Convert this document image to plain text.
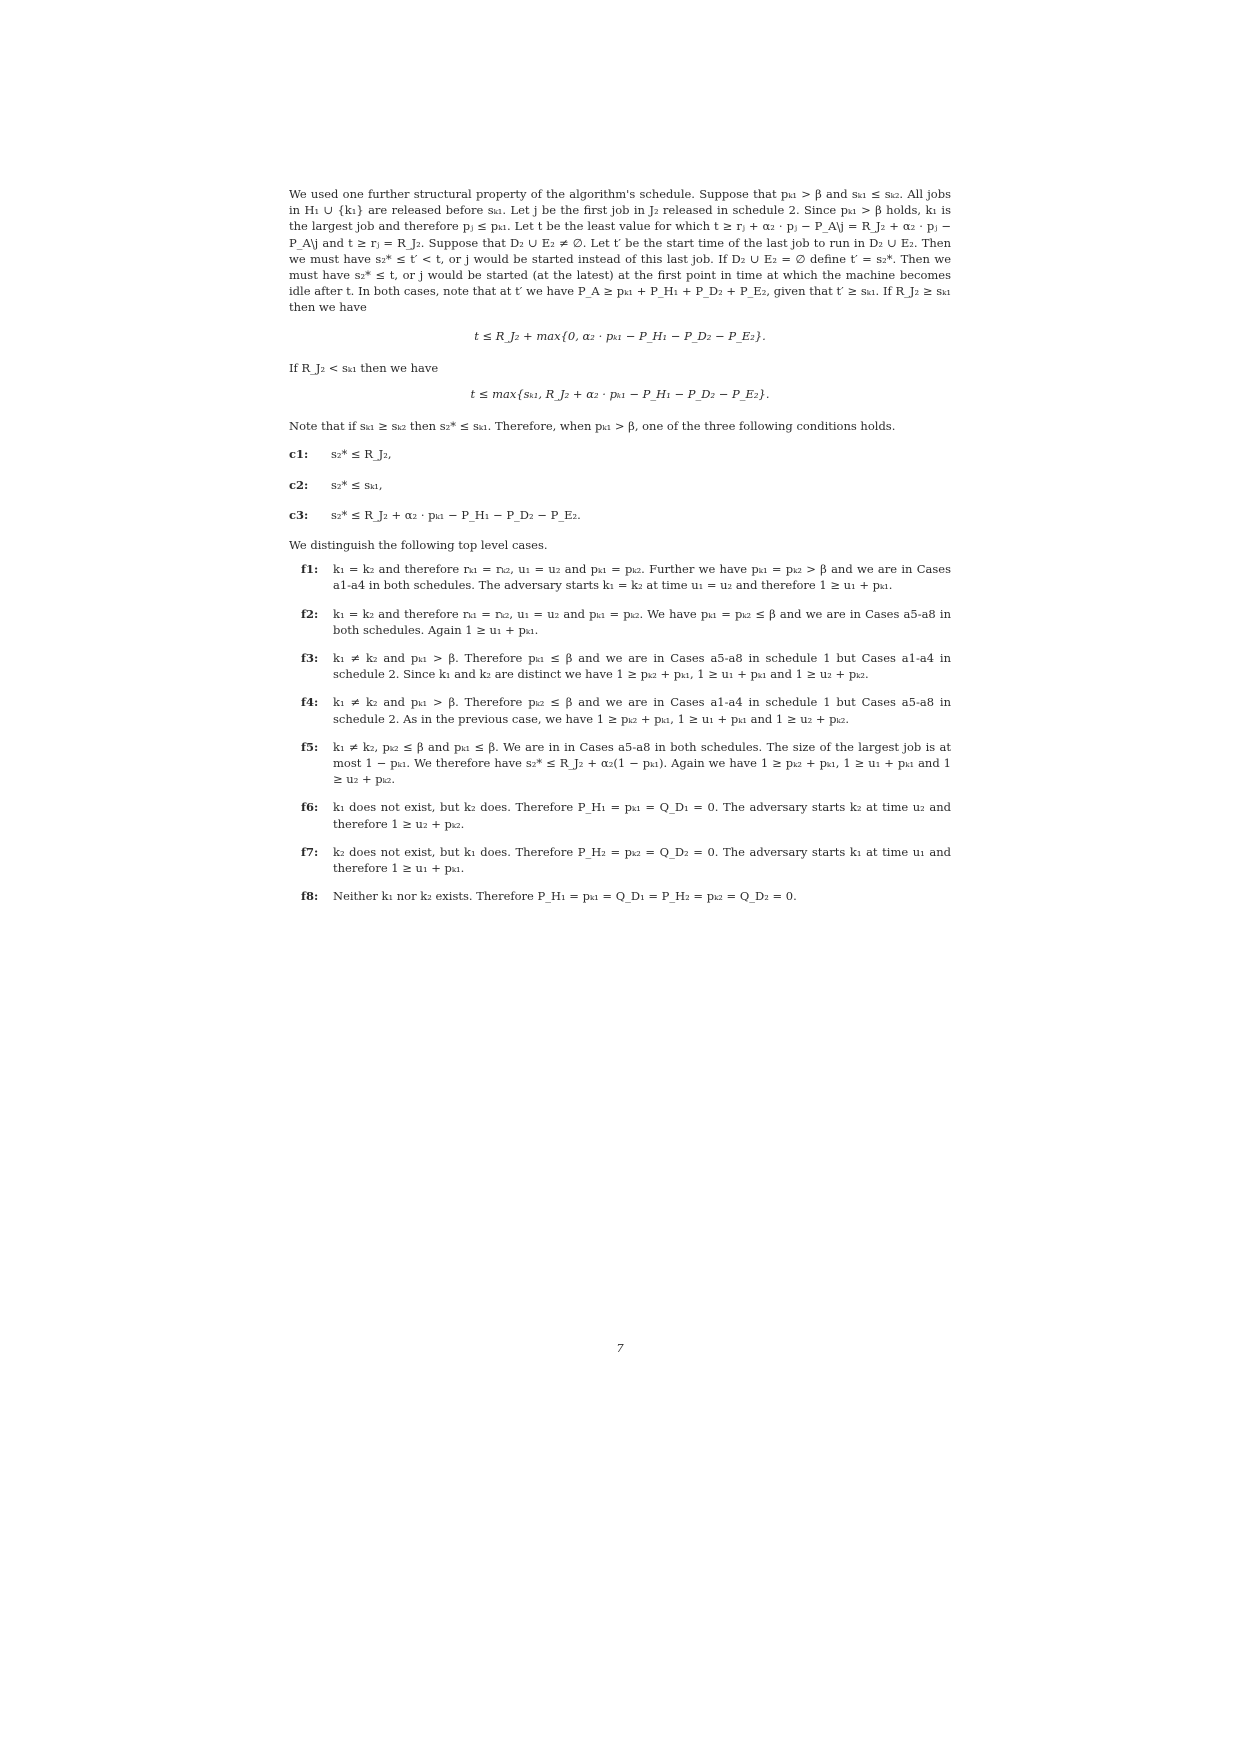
We used one further structural property of the algorithm's schedule. Suppose that pₖ₁ > β and sₖ₁ ≤ sₖ₂. All jobs in H₁ ∪ {k₁} are released before sₖ₁. Let j be the first job in J₂ released in schedule 2. Since pₖ₁ > β holds, k₁ is the largest job and therefore pⱼ ≤ pₖ₁. Let t be the least value for which t ≥ rⱼ + α₂ · pⱼ − P_A\j = R_J₂ + α₂ · pⱼ − P_A\j and t ≥ rⱼ = R_J₂. Suppose that D₂ ∪ E₂ ≠ ∅. Let t′ be the start time of the last job to run in D₂ ∪ E₂. Then we must have s₂* ≤ t′ < t, or j would be started instead of this last job. If D₂ ∪ E₂ = ∅ define t′ = s₂*. Then we must have s₂* ≤ t, or j would be started (at the latest) at the first point in time at which the machine becomes idle after t. In both cases, note that at t′ we have P_A ≥ pₖ₁ + P_H₁ + P_D₂ + P_E₂, given that t′ ≥ sₖ₁. If R_J₂ ≥ sₖ₁ then we have

t ≤ R_J₂ + max{0, α₂ · pₖ₁ − P_H₁ − P_D₂ − P_E₂}.

If R_J₂ < sₖ₁ then we have

t ≤ max{sₖ₁, R_J₂ + α₂ · pₖ₁ − P_H₁ − P_D₂ − P_E₂}.

Note that if sₖ₁ ≥ sₖ₂ then s₂* ≤ sₖ₁. Therefore, when pₖ₁ > β, one of the three following conditions holds.

c1:	s₂* ≤ R_J₂,
c2:	s₂* ≤ sₖ₁,
c3:	s₂* ≤ R_J₂ + α₂ · pₖ₁ − P_H₁ − P_D₂ − P_E₂.

We distinguish the following top level cases.

f1:	k₁ = k₂ and therefore rₖ₁ = rₖ₂, u₁ = u₂ and pₖ₁ = pₖ₂. Further we have pₖ₁ = pₖ₂ > β and we are in Cases a1-a4 in both schedules. The adversary starts k₁ = k₂ at time u₁ = u₂ and therefore 1 ≥ u₁ + pₖ₁.
f2:	k₁ = k₂ and therefore rₖ₁ = rₖ₂, u₁ = u₂ and pₖ₁ = pₖ₂. We have pₖ₁ = pₖ₂ ≤ β and we are in Cases a5-a8 in both schedules. Again 1 ≥ u₁ + pₖ₁.
f3:	k₁ ≠ k₂ and pₖ₁ > β. Therefore pₖ₁ ≤ β and we are in Cases a5-a8 in schedule 1 but Cases a1-a4 in schedule 2. Since k₁ and k₂ are distinct we have 1 ≥ pₖ₂ + pₖ₁, 1 ≥ u₁ + pₖ₁ and 1 ≥ u₂ + pₖ₂.
f4:	k₁ ≠ k₂ and pₖ₁ > β. Therefore pₖ₂ ≤ β and we are in Cases a1-a4 in schedule 1 but Cases a5-a8 in schedule 2. As in the previous case, we have 1 ≥ pₖ₂ + pₖ₁, 1 ≥ u₁ + pₖ₁ and 1 ≥ u₂ + pₖ₂.
f5:	k₁ ≠ k₂, pₖ₂ ≤ β and pₖ₁ ≤ β. We are in in Cases a5-a8 in both schedules. The size of the largest job is at most 1 − pₖ₁. We therefore have s₂* ≤ R_J₂ + α₂(1 − pₖ₁). Again we have 1 ≥ pₖ₂ + pₖ₁, 1 ≥ u₁ + pₖ₁ and 1 ≥ u₂ + pₖ₂.
f6:	k₁ does not exist, but k₂ does. Therefore P_H₁ = pₖ₁ = Q_D₁ = 0. The adversary starts k₂ at time u₂ and therefore 1 ≥ u₂ + pₖ₂.
f7:	k₂ does not exist, but k₁ does. Therefore P_H₂ = pₖ₂ = Q_D₂ = 0. The adversary starts k₁ at time u₁ and therefore 1 ≥ u₁ + pₖ₁.
f8:	Neither k₁ nor k₂ exists. Therefore P_H₁ = pₖ₁ = Q_D₁ = P_H₂ = pₖ₂ = Q_D₂ = 0.
7
